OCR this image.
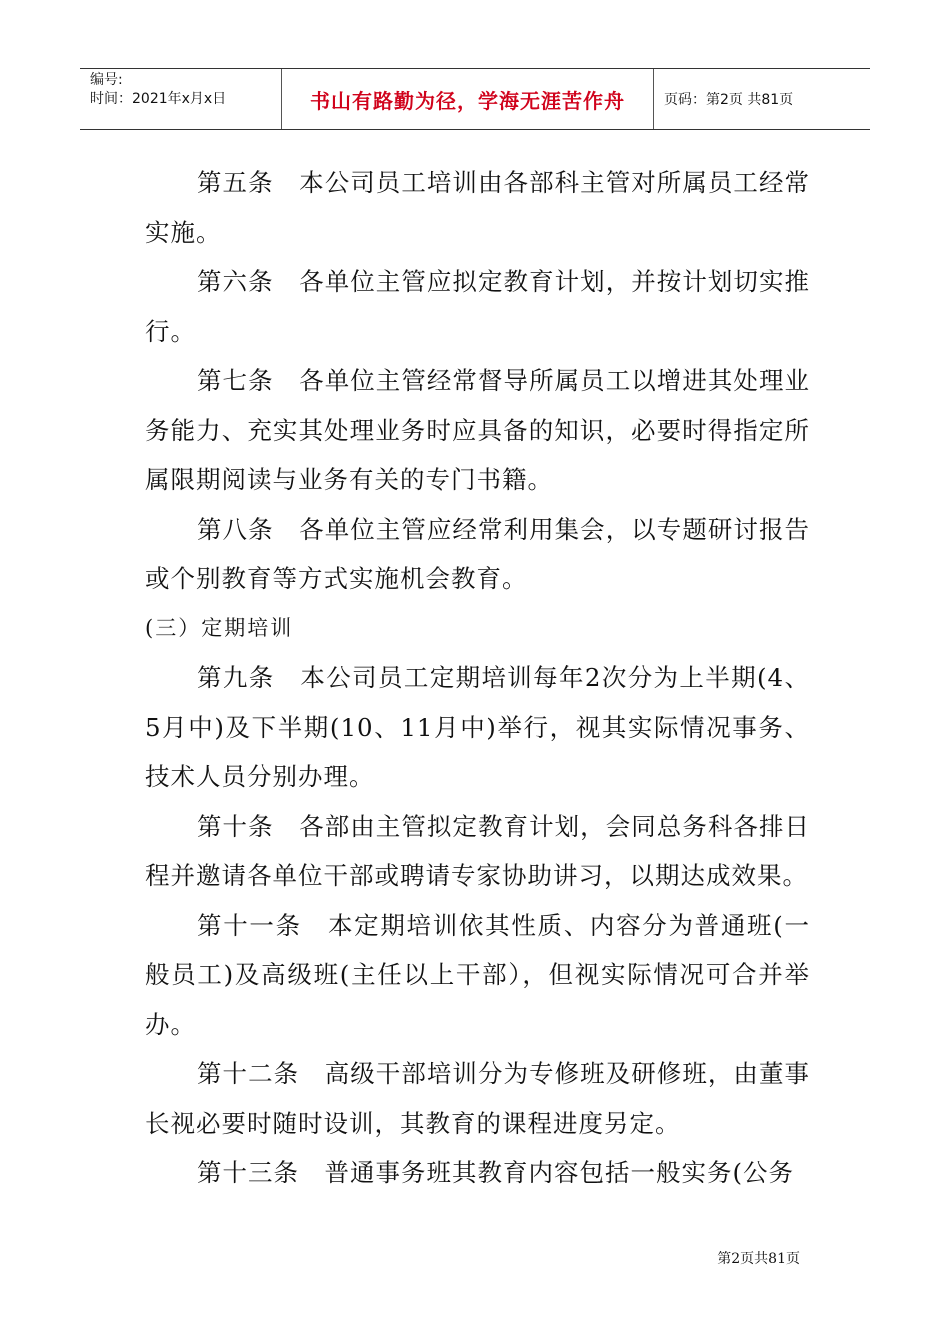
编号:
时间：2021年x月x日	书山有路勤为径，学海无涯苦作舟	页码：第2页 共81页

第五条　本公司员工培训由各部科主管对所属员工经常实施。

第六条　各单位主管应拟定教育计划，并按计划切实推行。

第七条　各单位主管经常督导所属员工以增进其处理业务能力、充实其处理业务时应具备的知识，必要时得指定所属限期阅读与业务有关的专门书籍。

第八条　各单位主管应经常利用集会，以专题研讨报告或个别教育等方式实施机会教育。

(三）定期培训

第九条　本公司员工定期培训每年2次分为上半期(4、5月中)及下半期(10、11月中)举行，视其实际情况事务、技术人员分别办理。

第十条　各部由主管拟定教育计划，会同总务科各排日程并邀请各单位干部或聘请专家协助讲习，以期达成效果。

第十一条　本定期培训依其性质、内容分为普通班(一般员工)及高级班(主任以上干部），但视实际情况可合并举办。

第十二条　高级干部培训分为专修班及研修班，由董事长视必要时随时设训，其教育的课程进度另定。

第十三条　普通事务班其教育内容包括一般实务(公务

第2页共81页
